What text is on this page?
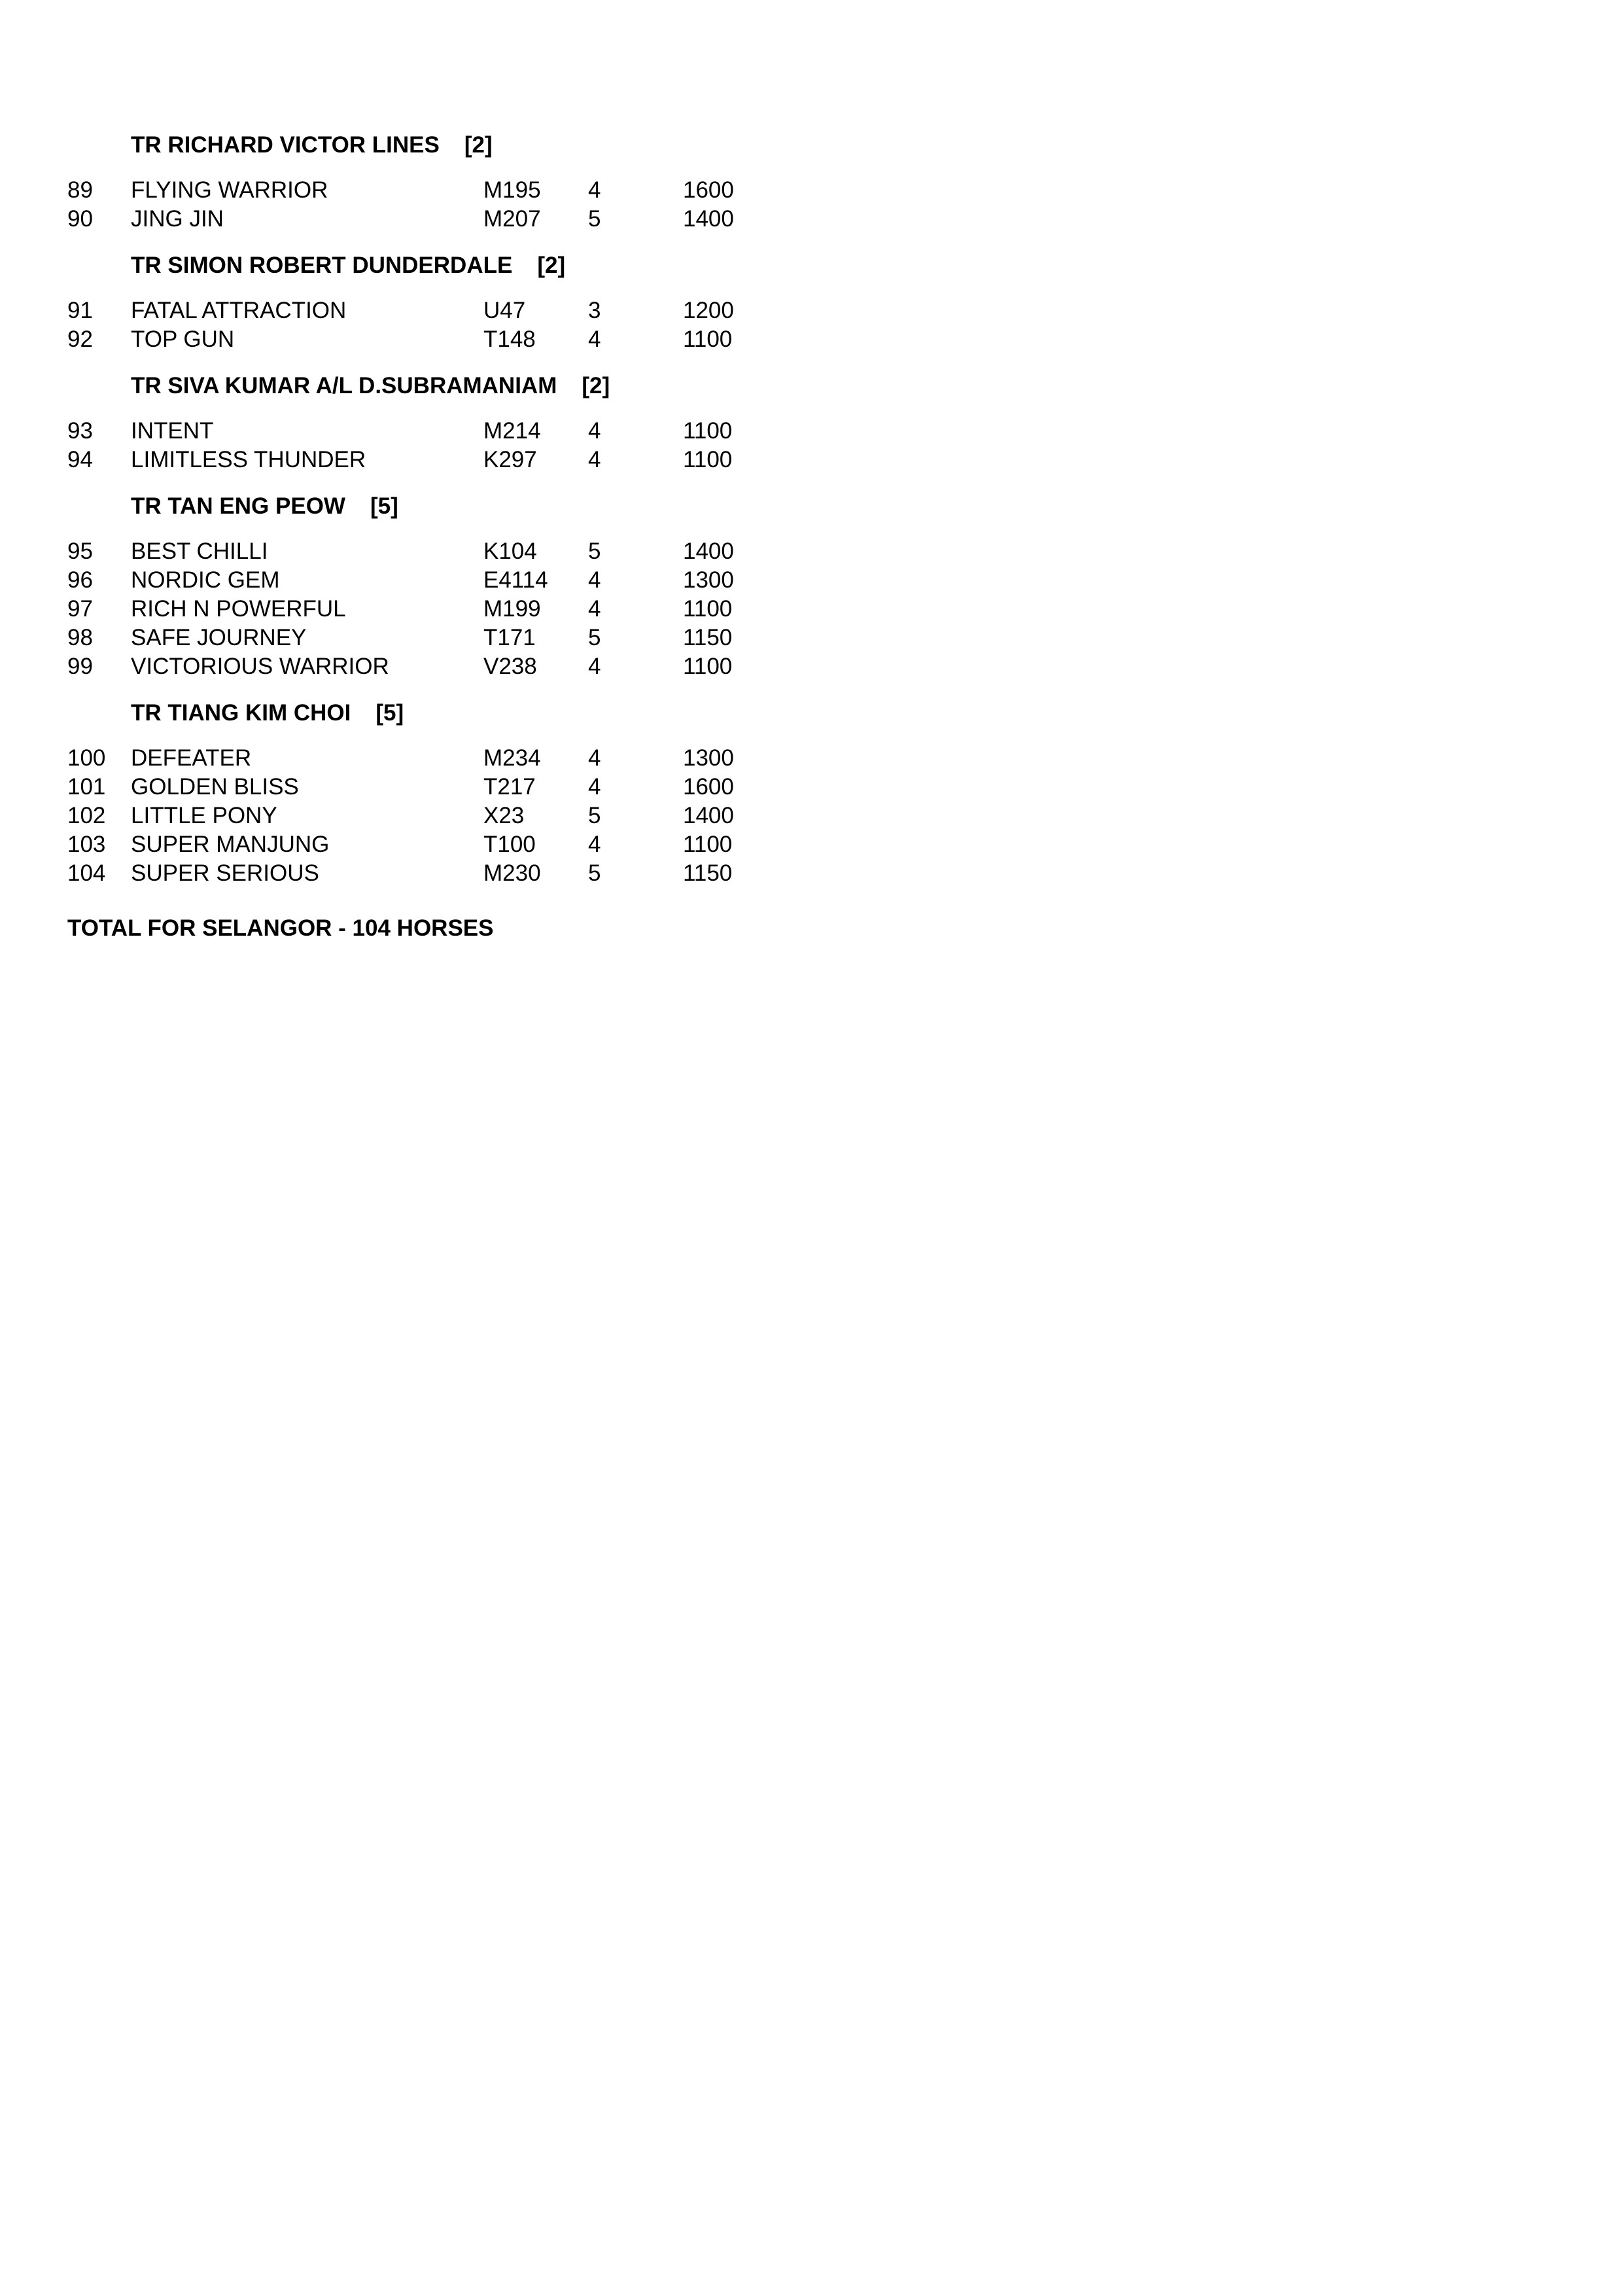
TR RICHARD VICTOR LINES [2]
89 FLYING WARRIOR	M195 4	1600
90 JING JIN	M207 5	1400
TR SIMON ROBERT DUNDERDALE [2]
91 FATAL ATTRACTION	U47	3	1200
92 TOP GUN	T148 4	1100
TR SIVA KUMAR A/L D.SUBRAMANIAM [2]
93 INTENT	M214 4	1100
94 LIMITLESS THUNDER	K297 4	1100
TR TAN ENG PEOW [5]
95 BEST CHILLI	K104 5	1400
96 NORDIC GEM	E4114 4	1300
97 RICH N POWERFUL	M199 4	1100
98 SAFE JOURNEY	T171 5	1150
99 VICTORIOUS WARRIOR	V238 4	1100
TR TIANG KIM CHOI [5]
100 DEFEATER	M234 4	1300
101 GOLDEN BLISS	T217 4	1600
102 LITTLE PONY	X23	5	1400
103 SUPER MANJUNG	T100 4	1100
104 SUPER SERIOUS	M230 5	1150
TOTAL FOR SELANGOR - 104 HORSES
